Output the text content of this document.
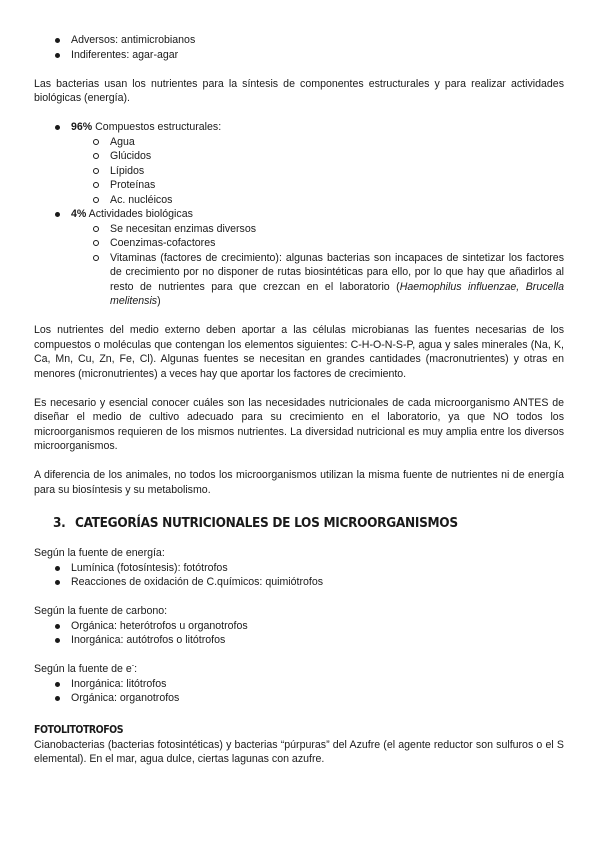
Adversos: antimicrobianos
Indiferentes: agar-agar

Las bacterias usan los nutrientes para la síntesis de componentes estructurales y para realizar actividades biológicas (energía).

96% Compuestos estructurales:
Agua
Glúcidos
Lípidos
Proteínas
Ac. nucléicos
4% Actividades biológicas
Se necesitan enzimas diversos
Coenzimas-cofactores
Vitaminas (factores de crecimiento): algunas bacterias son incapaces de sintetizar los factores de crecimiento por no disponer de rutas biosintéticas para ello, por lo que hay que añadirlos al resto de nutrientes para que crezcan en el laboratorio (Haemophilus influenzae, Brucella melitensis)

Los nutrientes del medio externo deben aportar a las células microbianas las fuentes necesarias de los compuestos o moléculas que contengan los elementos siguientes: C-H-O-N-S-P, agua y sales minerales (Na, K, Ca, Mn, Cu, Zn, Fe, Cl). Algunas fuentes se necesitan en grandes cantidades (macronutrientes) y otras en menores (micronutrientes) a veces hay que aportar los factores de crecimiento.

Es necesario y esencial conocer cuáles son las necesidades nutricionales de cada microorganismo ANTES de diseñar el medio de cultivo adecuado para su crecimiento en el laboratorio, ya que NO todos los microorganismos requieren de los mismos nutrientes. La diversidad nutricional es muy amplia entre los diversos microorganismos.

A diferencia de los animales, no todos los microorganismos utilizan la misma fuente de nutrientes ni de energía para su biosíntesis y su metabolismo.

3. CATEGORÍAS NUTRICIONALES DE LOS MICROORGANISMOS

Según la fuente de energía:

Lumínica (fotosíntesis): fotótrofos
Reacciones de oxidación de C.químicos: quimiótrofos

Según la fuente de carbono:

Orgánica: heterótrofos u organotrofos
Inorgánica: autótrofos o litótrofos

Según la fuente de e-:

Inorgánica: litótrofos
Orgánica: organotrofos
FOTOLITOTROFOS

Cianobacterias (bacterias fotosintéticas) y bacterias “púrpuras” del Azufre (el agente reductor son sulfuros o el S elemental). En el mar, agua dulce, ciertas lagunas con azufre.
